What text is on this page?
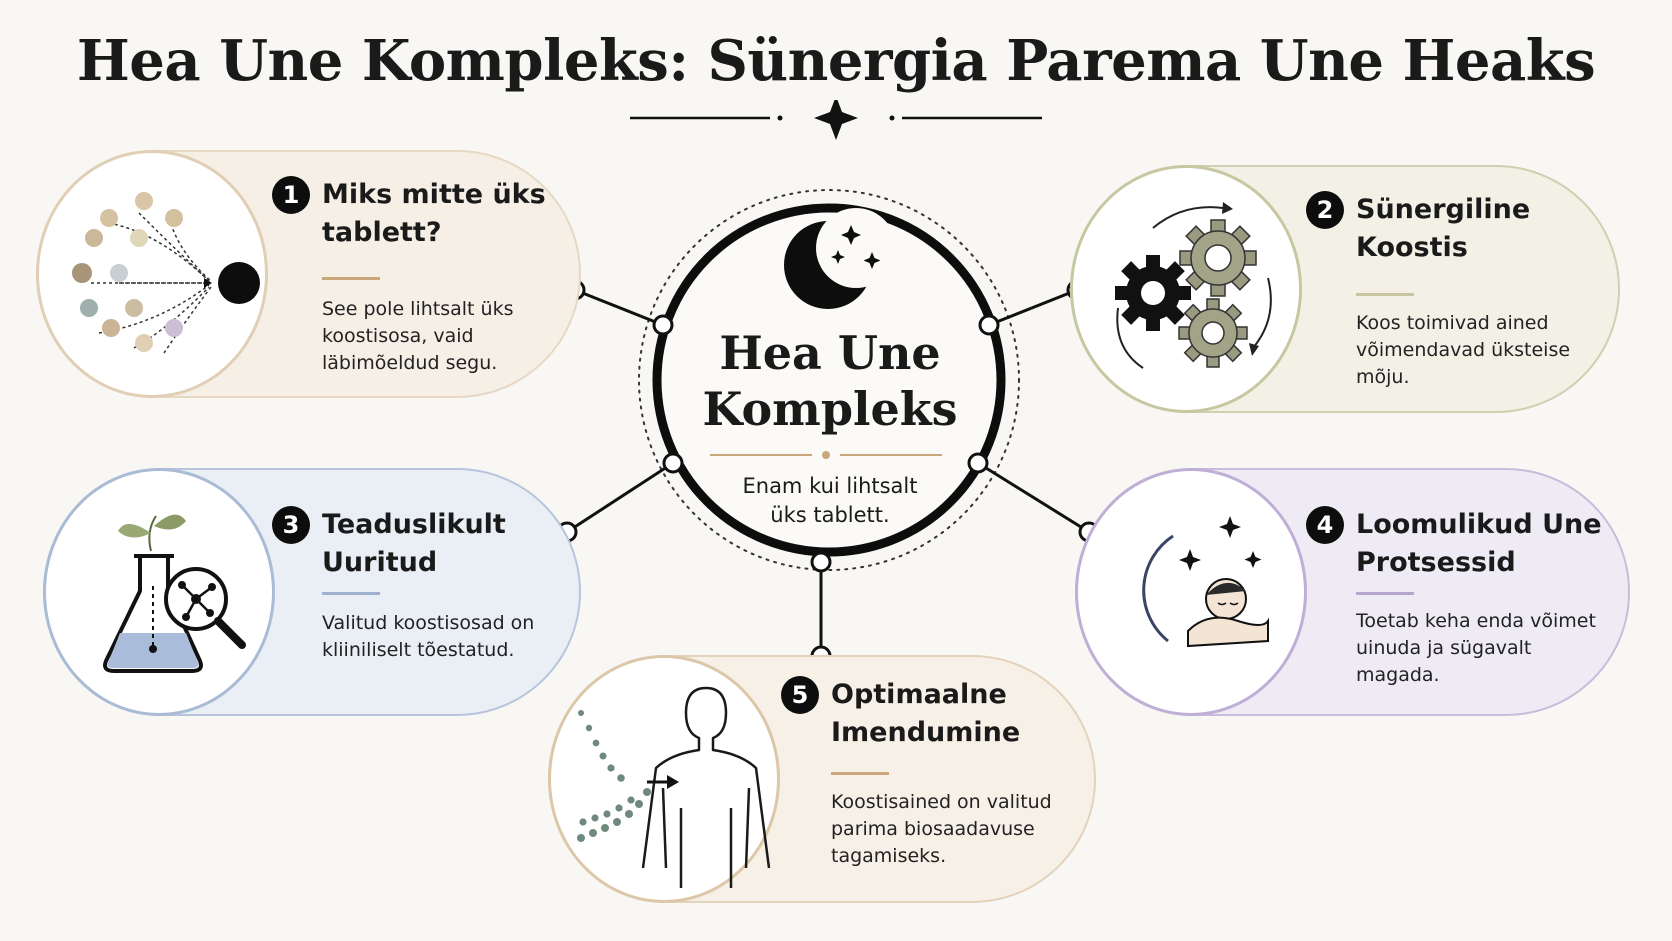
Hea Une Kompleks: Sünergia Parema Une Heaks
Hea Une
Kompleks
Enam kui lihtsalt
üks tablett.
1 Miks mitte üks
tablett?
See pole lihtsalt üks
koostisosa, vaid
läbimõeldud segu.
2 Sünergiline
Koostis
Koos toimivad ained
võimendavad üksteise
mõju.
3 Teaduslikult
Uuritud
Valitud koostisosad on
kliiniliselt tõestatud.
4 Loomulikud Une
Protsessid
Toetab keha enda võimet
uinuda ja sügavalt
magada.
5 Optimaalne
Imendumine
Koostisained on valitud
parima biosaadavuse
tagamiseks.
